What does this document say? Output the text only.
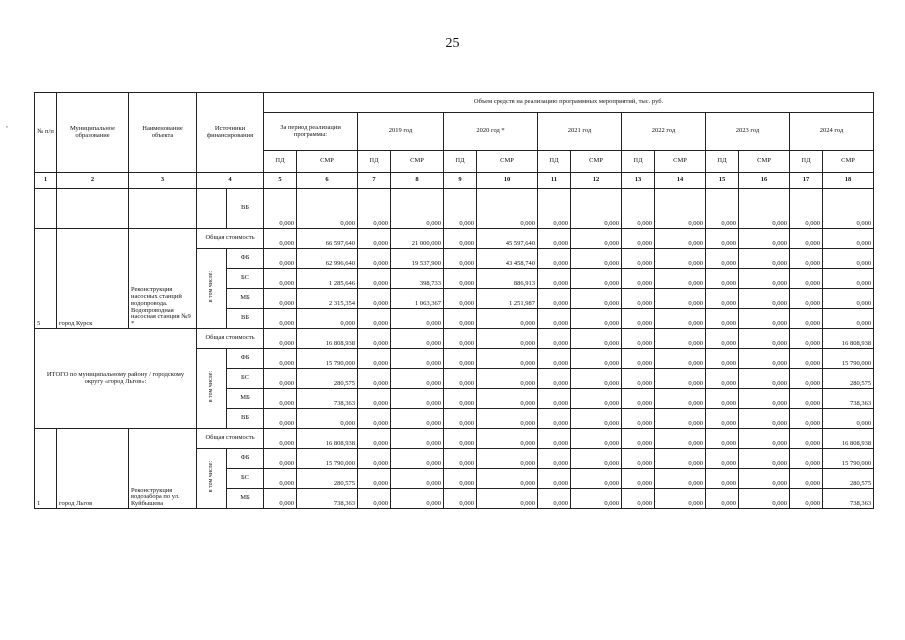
25
,
№ п/п	Муниципальное образование	Наименование объекта	Источники финансирования		Объем средств на реализацию программных мероприятий, тыс. руб.													
					За период реализации программы:		2019 год		2020 год *		2021 год		2022 год		2023 год		2024 год	
					ПД	СМР	ПД	СМР	ПД	СМР	ПД	СМР	ПД	СМР	ПД	СМР	ПД	СМР
1	2	3	4		5	6	7	8	9	10	11	12	13	14	15	16	17	18
				ВБ	0,000	0,000	0,000	0,000	0,000	0,000	0,000	0,000	0,000	0,000	0,000	0,000	0,000	0,000
5	город Курск	Реконструкция насосных станций водопровода. Водопроводная насосная станция №9 *	Общая стоимость		0,000	66 597,640	0,000	21 000,000	0,000	45 597,640	0,000	0,000	0,000	0,000	0,000	0,000	0,000	0,000
			в том числе:	ФБ	0,000	62 996,640	0,000	19 537,900	0,000	43 458,740	0,000	0,000	0,000	0,000	0,000	0,000	0,000	0,000
				БС	0,000	1 285,646	0,000	398,733	0,000	886,913	0,000	0,000	0,000	0,000	0,000	0,000	0,000	0,000
				МБ	0,000	2 315,354	0,000	1 063,367	0,000	1 251,987	0,000	0,000	0,000	0,000	0,000	0,000	0,000	0,000
				ВБ	0,000	0,000	0,000	0,000	0,000	0,000	0,000	0,000	0,000	0,000	0,000	0,000	0,000	0,000
ИТОГО по муниципальному району / городскому округу «город Льгов»:			Общая стоимость		0,000	16 808,938	0,000	0,000	0,000	0,000	0,000	0,000	0,000	0,000	0,000	0,000	0,000	16 808,938
			в том числе:	ФБ	0,000	15 790,000	0,000	0,000	0,000	0,000	0,000	0,000	0,000	0,000	0,000	0,000	0,000	15 790,000
				БС	0,000	280,575	0,000	0,000	0,000	0,000	0,000	0,000	0,000	0,000	0,000	0,000	0,000	280,575
				МБ	0,000	738,363	0,000	0,000	0,000	0,000	0,000	0,000	0,000	0,000	0,000	0,000	0,000	738,363
				ВБ	0,000	0,000	0,000	0,000	0,000	0,000	0,000	0,000	0,000	0,000	0,000	0,000	0,000	0,000
1	город Льгов	Реконструкция водозабора по ул. Куйбышева	Общая стоимость		0,000	16 808,938	0,000	0,000	0,000	0,000	0,000	0,000	0,000	0,000	0,000	0,000	0,000	16 808,938
			в том числе:	ФБ	0,000	15 790,000	0,000	0,000	0,000	0,000	0,000	0,000	0,000	0,000	0,000	0,000	0,000	15 790,000
				БС	0,000	280,575	0,000	0,000	0,000	0,000	0,000	0,000	0,000	0,000	0,000	0,000	0,000	280,575
				МБ	0,000	738,363	0,000	0,000	0,000	0,000	0,000	0,000	0,000	0,000	0,000	0,000	0,000	738,363
